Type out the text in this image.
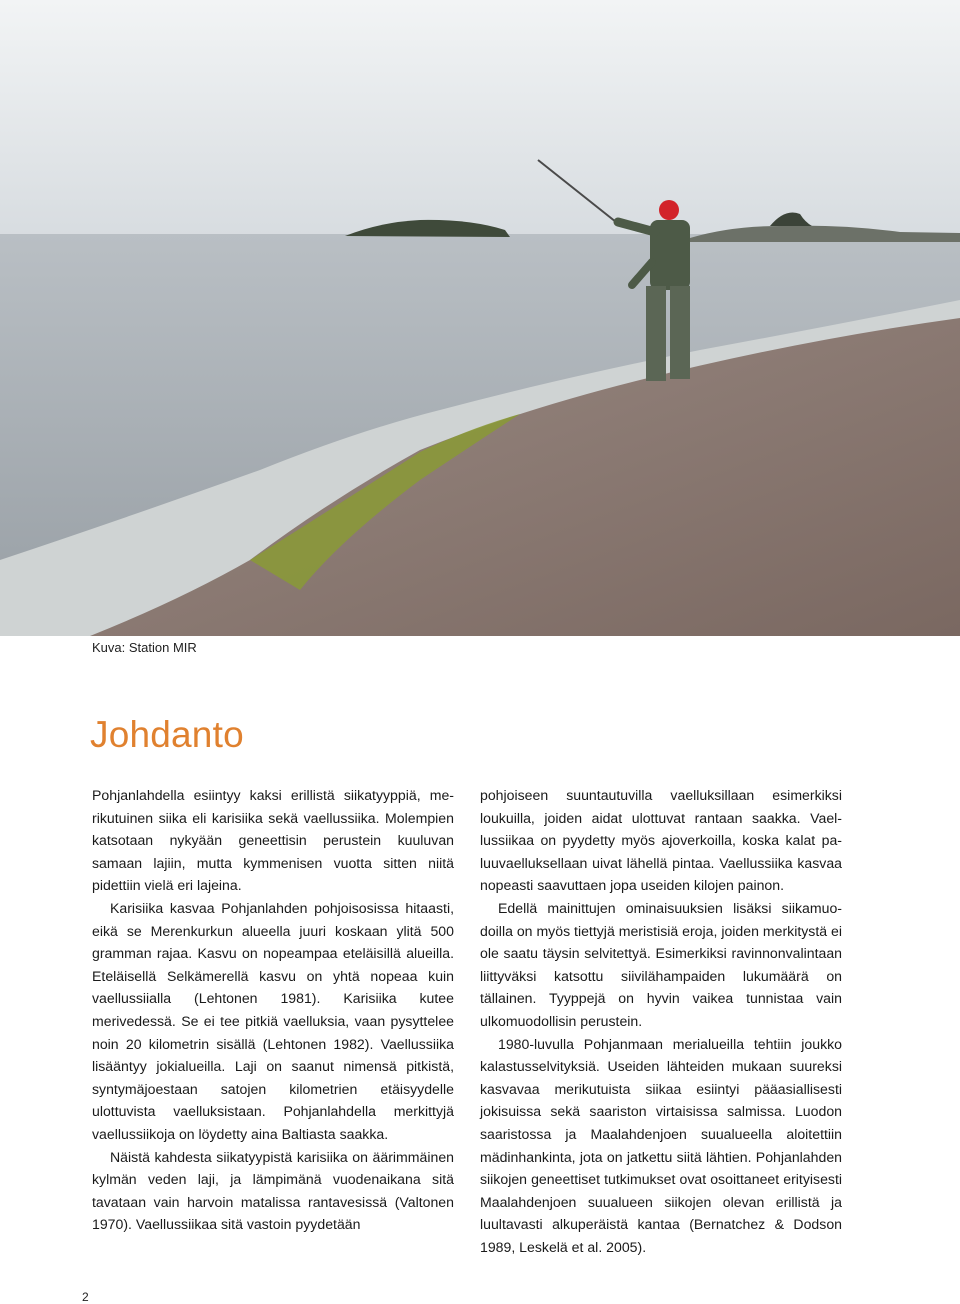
Kuva: Station MIR
Johdanto

Pohjanlahdella esiintyy kaksi erillistä siikatyyppiä, merikutuinen siika eli karisiika sekä vaellussiika. Molempien katsotaan nykyään geneettisin perustein kuuluvan samaan lajiin, mutta kymmenisen vuotta sitten niitä pidettiin vielä eri lajeina.

Karisiika kasvaa Pohjanlahden pohjoisosissa hitaasti, eikä se Merenkurkun alueella juuri koskaan ylitä 500 gramman rajaa. Kasvu on nopeampaa eteläisillä alueilla. Eteläisellä Selkämerellä kasvu on yhtä nopeaa kuin vaellussiialla (Lehtonen 1981). Karisiika kutee merivedessä. Se ei tee pitkiä vaelluksia, vaan pysyttelee noin 20 kilometrin sisällä (Lehtonen 1982). Vaellussiika lisääntyy jokialueilla. Laji on saanut nimensä pitkistä, syntymäjoestaan satojen kilometrien etäisyydelle ulottuvista vaelluksistaan. Pohjanlahdella merkittyjä vaellussiikoja on löydetty aina Baltiasta saakka.

Näistä kahdesta siikatyypistä karisiika on äärimmäinen kylmän veden laji, ja lämpimänä vuodenaikana sitä tavataan vain harvoin matalissa rantavesissä (Valtonen 1970). Vaellussiikaa sitä vastoin pyydetään

pohjoiseen suuntautuvilla vaelluksillaan esimerkiksi loukuilla, joiden aidat ulottuvat rantaan saakka. Vaellussiikaa on pyydetty myös ajoverkoilla, koska kalat paluuvaelluksellaan uivat lähellä pintaa. Vaellussiika kasvaa nopeasti saavuttaen jopa useiden kilojen painon.

Edellä mainittujen ominaisuuksien lisäksi siikamuodoilla on myös tiettyjä meristisiä eroja, joiden merkitystä ei ole saatu täysin selvitettyä. Esimerkiksi ravinnonvalintaan liittyväksi katsottu siivilähampaiden lukumäärä on tällainen. Tyyppejä on hyvin vaikea tunnistaa vain ulkomuodollisin perustein.

1980-luvulla Pohjanmaan merialueilla tehtiin joukko kalastusselvityksiä. Useiden lähteiden mukaan suureksi kasvavaa merikutuista siikaa esiintyi pääasiallisesti jokisuissa sekä saariston virtaisissa salmissa. Luodon saaristossa ja Maalahdenjoen suualueella aloitettiin mädinhankinta, jota on jatkettu siitä lähtien. Pohjanlahden siikojen geneettiset tutkimukset ovat osoittaneet erityisesti Maalahdenjoen suualueen siikojen olevan erillistä ja luultavasti alkuperäistä kantaa (Bernatchez & Dodson 1989, Leskelä et al. 2005).

2
